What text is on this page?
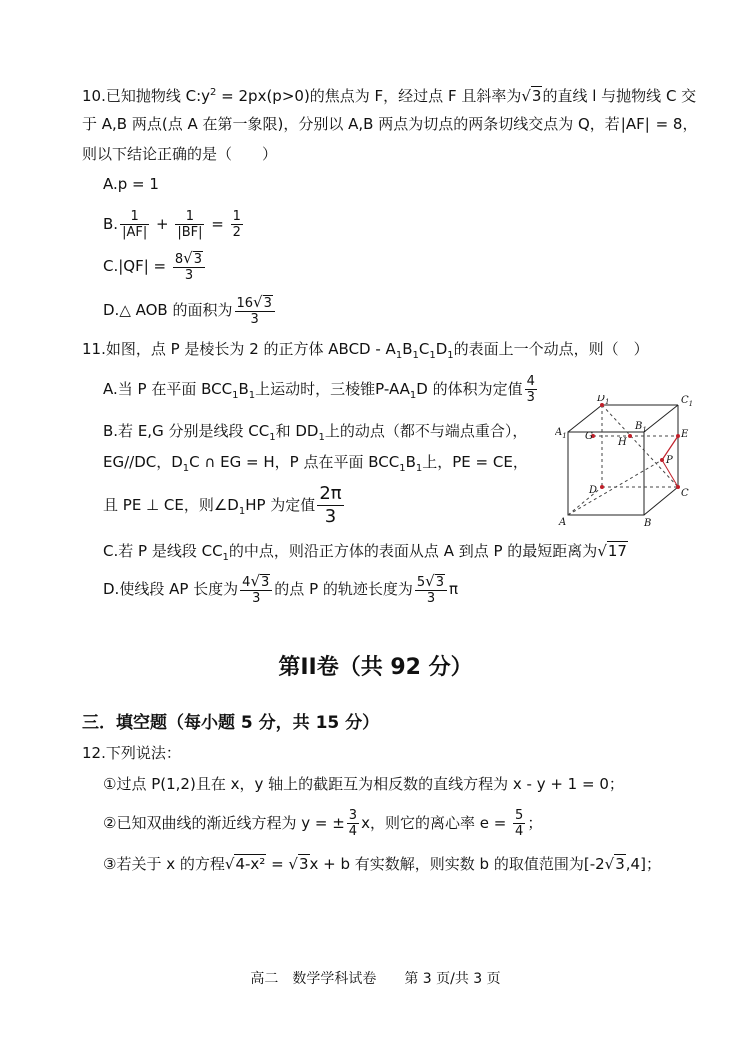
10.已知抛物线 $C:y^2 = 2px(p>0)$的焦点为 F，经过点 F 且斜率为√3的直线 l 与抛物线 C 交
于 A,B 两点(点 A 在第一象限)，分别以 A,B 两点为切点的两条切线交点为 Q，若|AF| = 8，
则以下结论正确的是（　　）
A.p = 1
B. $\frac{1}{|AF|} + \frac{1}{|BF|} = \frac{1}{2}$
$C.|QF| = \frac{8√3}{3}$
D.△ AOB 的面积为 $\frac{16√3}{3}$
11.如图，点 P 是棱长为 2 的正方体 ABCD - $A_1B_1C_1D_1$的表面上一个动点，则（　）
A.当 P 在平面 $BCC_1B_1$上运动时，三棱锥$P-AA_1D$ 的体积为定值 $\frac{4}{3}$
B.若 E,G 分别是线段 $CC_1$和 $DD_1$上的动点（都不与端点重合），
EG//DC，$D_1C$ ∩ EG = H，P 点在平面 $BCC_1B_1$上，PE = CE，
且 PE ⊥ CE，则$\angle D_1HP$ 为定值 $\frac{2\pi}{3}$
C.若 P 是线段 $CC_1$的中点，则沿正方体的表面从点 A 到点 P 的最短距离为√17
D.使线段 AP 长度为 $\frac{4√3}{3}$ 的点 P 的轨迹长度为 $\frac{5√3}{3}$ π
$D_1$	$C_1$
$A_1$
$B_1$
G
H
E
P
D	C
A	B
第II卷（共 92 分）
三．填空题（每小题 5 分，共 15 分）
12.下列说法：
①过点 P(1,2)且在 x，y 轴上的截距互为相反数的直线方程为 x - y + 1 = 0；
②已知双曲线的渐近线方程为 y = ± $\frac{3}{4}$ x，则它的离心率 $e = \frac{5}{4}$ ；
③若关于 x 的方程√4-x² = √3x + b 有实数解，则实数 b 的取值范围为[-2√3,4]；
高二　数学学科试卷　　第 3 页/共 3 页
